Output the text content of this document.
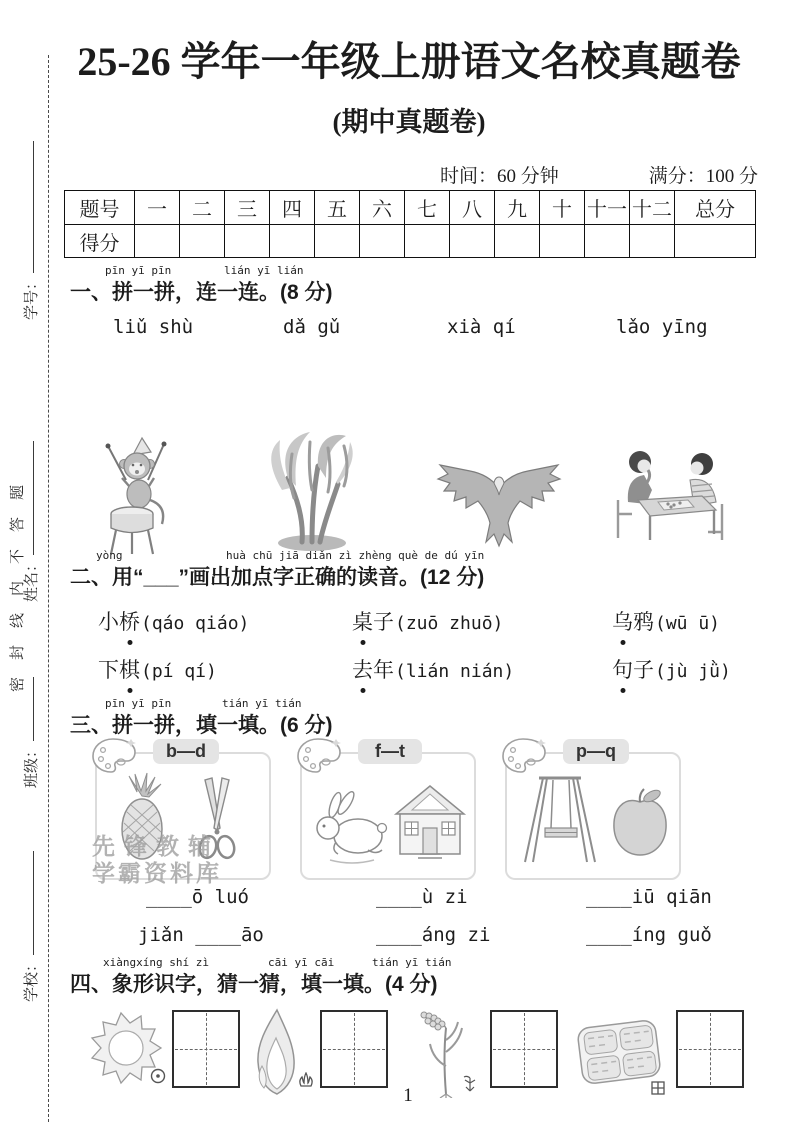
学号：
姓名：
班级：
学校：
密封线内不答题
25-26 学年一年级上册语文名校真题卷
(期中真题卷)
时间：60 分钟	满分：100 分
题号	一	二	三	四	五	六	七	八	九	十	十一	十二	总分
得分													
pīn yī pīn	lián yī lián
一、拼一拼，连一连。(8 分)
liǔ shù	dǎ gǔ	xià qí	lǎo yīng
yòng	huà chū jiā diǎn zì zhèng què de dú yīn
二、用“___”画出加点字正确的读音。(12 分)
小桥(qáo qiáo)	桌子(zuō zhuō)	乌鸦(wū ū)
下棋(pí qí)	去年(lián nián)	句子(jù jǜ)
pīn yī pīn	tián yī tián
三、拼一拼，填一填。(6 分)
b—d	f—t	p—q
____ō luó	____ù zi	____iū qiān
jiǎn ____āo	____áng zi	____íng guǒ
先锋教辅
学霸资料库
xiàngxíng shí zì	cāi yī cāi	tián yī tián
四、象形识字，猜一猜，填一填。(4 分)
1
